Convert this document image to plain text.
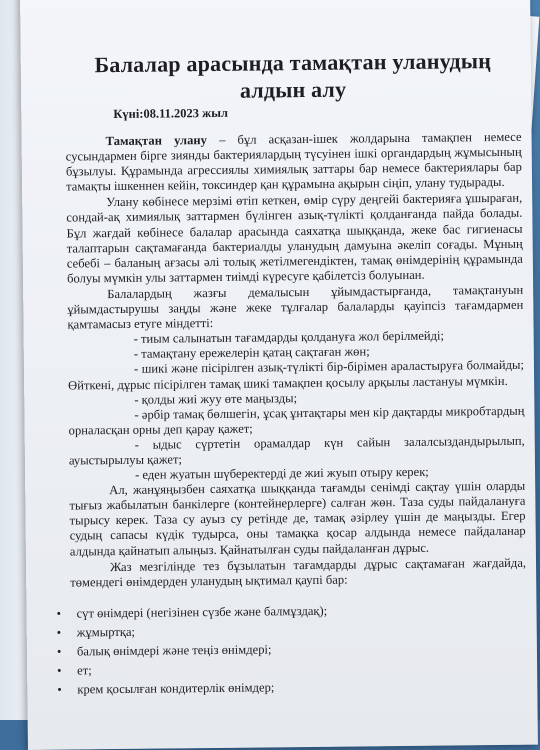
Балалар арасында тамақтан уланудың
алдын алу
Күні:08.11.2023 жыл

Тамақтан улану – бұл асқазан-ішек жолдарына тамақпен немесе сусындармен бірге зиянды бактериялардың түсуінен ішкі органдардың жұмысының бұзылуы. Құрамында агрессиялы химиялық заттары бар немесе бактериялары бар тамақты ішкеннен кейін, токсиндер қан құрамына ақырын сіңіп, улану тудырады.

Улану көбінесе мерзімі өтіп кеткен, өмір сүру деңгейі бактерияға ұшыраған, сондай-ақ химиялық заттармен бүлінген азық-түлікті қолданғанда пайда болады. Бұл жағдай көбінесе балалар арасында саяхатқа шыққанда, жеке бас гигиенасы талаптарын сақтамағанда бактериалды уланудың дамуына әкеліп соғады. Мұның себебі – баланың ағзасы әлі толық жетілмегендіктен, тамақ өнімдерінің құрамында болуы мүмкін улы заттармен тиімді күресуге қабілетсіз болуынан.

Балалардың жазғы демалысын ұйымдастырғанда, тамақтануын ұйымдастырушы заңды және жеке тұлғалар балаларды қауіпсіз тағамдармен қамтамасыз етуге міндетті:

- тиым салынатын тағамдарды қолдануға жол берілмейді;

- тамақтану ережелерін қатаң сақтаған жөн;

- шикі және пісірілген азық-түлікті бір-бірімен араластыруға болмайды; Өйткені, дұрыс пісірілген тамақ шикі тамақпен қосылу арқылы ластануы мүмкін.

- қолды жиі жуу өте маңызды;

- әрбір тамақ бөлшегін, ұсақ ұнтақтары мен кір дақтарды микробтардың орналасқан орны деп қарау қажет;

- ыдыс сүртетін орамалдар күн сайын залалсыздандырылып, ауыстырылуы қажет;

- еден жуатын шүберектерді де жиі жуып отыру керек;

Ал, жанұяңызбен саяхатқа шыққанда тағамды сенімді сақтау үшін оларды тығыз жабылатын банкілерге (контейнерлерге) салған жөн. Таза суды пайдалануға тырысу керек. Таза су ауыз су ретінде де, тамақ әзірлеу үшін де маңызды. Егер судың сапасы күдік тудырса, оны тамақка қосар алдында немесе пайдаланар алдында қайнатып алыңыз. Қайнатылған суды пайдаланған дұрыс.

Жаз мезгілінде тез бұзылатын тағамдарды дұрыс сақтамаған жағдайда, төмендегі өнімдерден уланудың ықтимал қаупі бар:

• сүт өнімдері (негізінен сүзбе және балмұздақ);
• жұмыртқа;
• балық өнімдері және теңіз өнімдері;
• ет;
• крем қосылған кондитерлік өнімдер;
